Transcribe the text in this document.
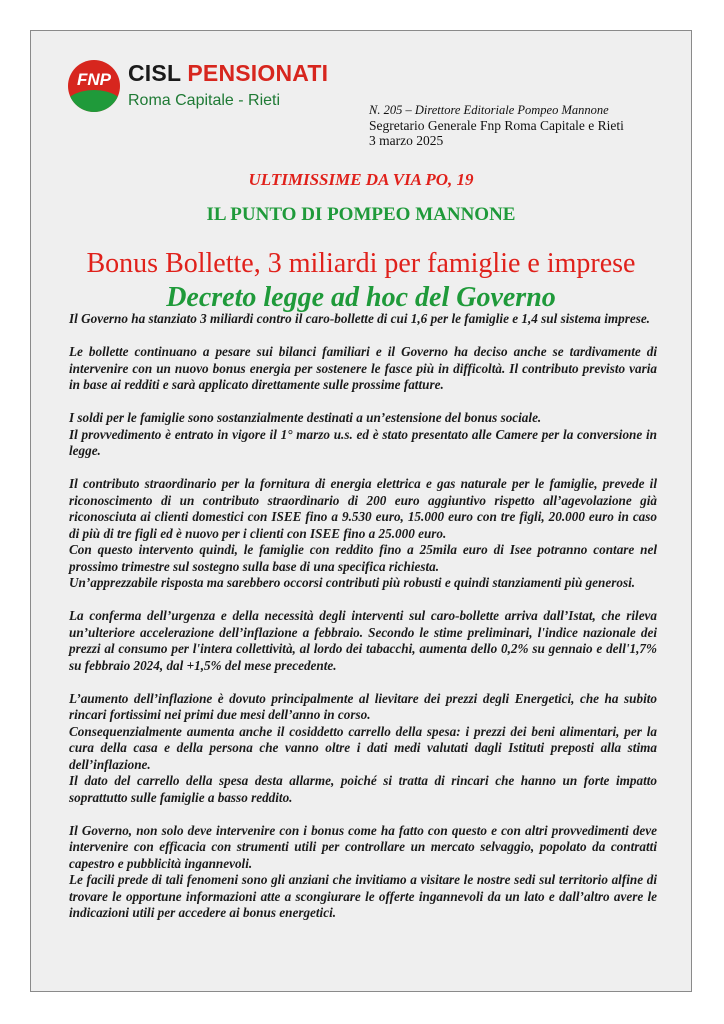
FNP CISL PENSIONATI
Roma Capitale - Rieti
N. 205 – Direttore Editoriale Pompeo Mannone
Segretario Generale Fnp Roma Capitale e Rieti
3 marzo 2025
ULTIMISSIME DA VIA PO, 19
IL PUNTO DI POMPEO MANNONE
Bonus Bollette, 3 miliardi per famiglie e imprese
Decreto legge ad hoc del Governo

Il Governo ha stanziato 3 miliardi contro il caro-bollette di cui 1,6 per le famiglie e 1,4 sul sistema imprese.

Le bollette continuano a pesare sui bilanci familiari e il Governo ha deciso anche se tardivamente di intervenire con un nuovo bonus energia per sostenere le fasce più in difficoltà. Il contributo previsto varia in base ai redditi e sarà applicato direttamente sulle prossime fatture.

I soldi per le famiglie sono sostanzialmente destinati a un’estensione del bonus sociale.

Il provvedimento è entrato in vigore il 1° marzo u.s. ed è stato presentato alle Camere per la conversione in legge.

Il contributo straordinario per la fornitura di energia elettrica e gas naturale per le famiglie, prevede il riconoscimento di un contributo straordinario di 200 euro aggiuntivo rispetto all’agevolazione già riconosciuta ai clienti domestici con ISEE fino a 9.530 euro, 15.000 euro con tre figli, 20.000 euro in caso di più di tre figli ed è nuovo per i clienti con ISEE fino a 25.000 euro.

Con questo intervento quindi, le famiglie con reddito fino a 25mila euro di Isee potranno contare nel prossimo trimestre sul sostegno sulla base di una specifica richiesta.

Un’apprezzabile risposta ma sarebbero occorsi contributi più robusti e quindi stanziamenti più generosi.

La conferma dell’urgenza e della necessità degli interventi sul caro-bollette arriva dall’Istat, che rileva un’ulteriore accelerazione dell’inflazione a febbraio. Secondo le stime preliminari, l'indice nazionale dei prezzi al consumo per l'intera collettività, al lordo dei tabacchi, aumenta dello 0,2% su gennaio e dell'1,7% su febbraio 2024, dal +1,5% del mese precedente.

L’aumento dell’inflazione è dovuto principalmente al lievitare dei prezzi degli Energetici, che ha subito rincari fortissimi nei primi due mesi dell’anno in corso.

Consequenzialmente aumenta anche il cosiddetto carrello della spesa: i prezzi dei beni alimentari, per la cura della casa e della persona che vanno oltre i dati medi valutati dagli Istituti preposti alla stima dell’inflazione.

Il dato del carrello della spesa desta allarme, poiché si tratta di rincari che hanno un forte impatto soprattutto sulle famiglie a basso reddito.

Il Governo, non solo deve intervenire con i bonus come ha fatto con questo e con altri provvedimenti deve intervenire con efficacia con strumenti utili per controllare un mercato selvaggio, popolato da contratti capestro e pubblicità ingannevoli.

Le facili prede di tali fenomeni sono gli anziani che invitiamo a visitare le nostre sedi sul territorio alfine di trovare le opportune informazioni atte a scongiurare le offerte ingannevoli da un lato e dall’altro avere le indicazioni utili per accedere ai bonus energetici.
